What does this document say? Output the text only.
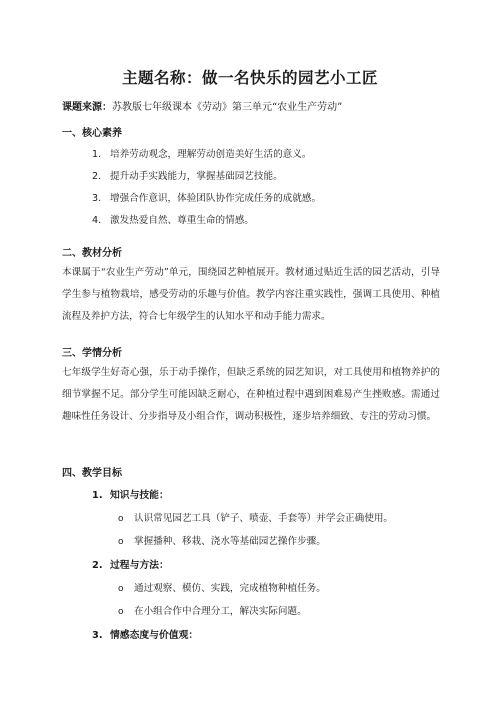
主题名称：做一名快乐的园艺小工匠
课题来源：苏教版七年级课本《劳动》第三单元“农业生产劳动”
一、核心素养
1. 培养劳动观念，理解劳动创造美好生活的意义。
2. 提升动手实践能力，掌握基础园艺技能。
3. 增强合作意识，体验团队协作完成任务的成就感。
4. 激发热爱自然、尊重生命的情感。
二、教材分析
本课属于“农业生产劳动”单元，围绕园艺种植展开。教材通过贴近生活的园艺活动，引导学生参与植物栽培，感受劳动的乐趣与价值。教学内容注重实践性，强调工具使用、种植流程及养护方法，符合七年级学生的认知水平和动手能力需求。
三、学情分析
七年级学生好奇心强，乐于动手操作，但缺乏系统的园艺知识，对工具使用和植物养护的细节掌握不足。部分学生可能因缺乏耐心，在种植过程中遇到困难易产生挫败感。需通过趣味性任务设计、分步指导及小组合作，调动积极性，逐步培养细致、专注的劳动习惯。
四、教学目标
1. 知识与技能：
o 认识常见园艺工具（铲子、喷壶、手套等）并学会正确使用。
o 掌握播种、移栽、浇水等基础园艺操作步骤。
2. 过程与方法：
o 通过观察、模仿、实践，完成植物种植任务。
o 在小组合作中合理分工，解决实际问题。
3. 情感态度与价值观：
